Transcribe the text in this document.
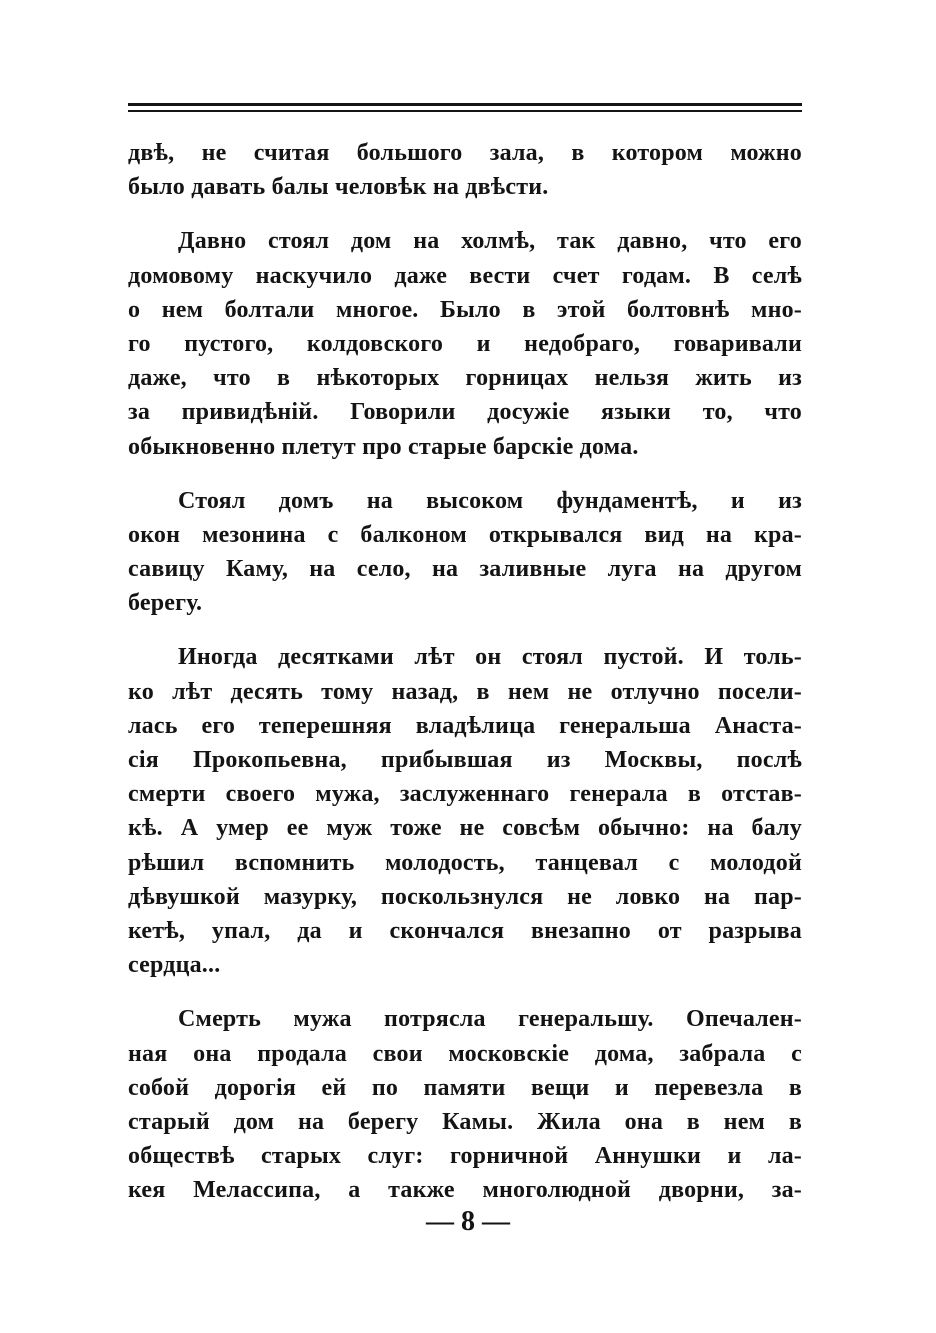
двѣ, не считая большого зала, в котором можно
было давать балы человѣк на двѣсти.
Давно стоял дом на холмѣ, так давно, что его
домовому наскучило даже вести счет годам. В селѣ
о нем болтали многое. Было в этой болтовнѣ мно-
го пустого, колдовского и недобраго, говаривали
даже, что в нѣкоторых горницах нельзя жить из
за привидѣній. Говорили досужіе языки то, что
обыкновенно плетут про старые барскіе дома.
Стоял домъ на высоком фундаментѣ, и из
окон мезонина с балконом открывался вид на кра-
савицу Каму, на село, на заливные луга на другом
берегу.
Иногда десятками лѣт он стоял пустой. И толь-
ко лѣт десять тому назад, в нем не отлучно посели-
лась его теперешняя владѣлица генеральша Анаста-
сія Прокопьевна, прибывшая из Москвы, послѣ
смерти своего мужа, заслуженнаго генерала в отстав-
кѣ. А умер ее муж тоже не совсѣм обычно: на балу
рѣшил вспомнить молодость, танцевал с молодой
дѣвушкой мазурку, поскользнулся не ловко на пар-
кетѣ, упал, да и скончался внезапно от разрыва
сердца...
Смерть мужа потрясла генеральшу. Опечален-
ная она продала свои московскіе дома, забрала с
собой дорогія ей по памяти вещи и перевезла в
старый дом на берегу Камы. Жила она в нем в
обществѣ старых слуг: горничной Аннушки и ла-
кея Мелассипа, а также многолюдной дворни, за-
— 8 —
